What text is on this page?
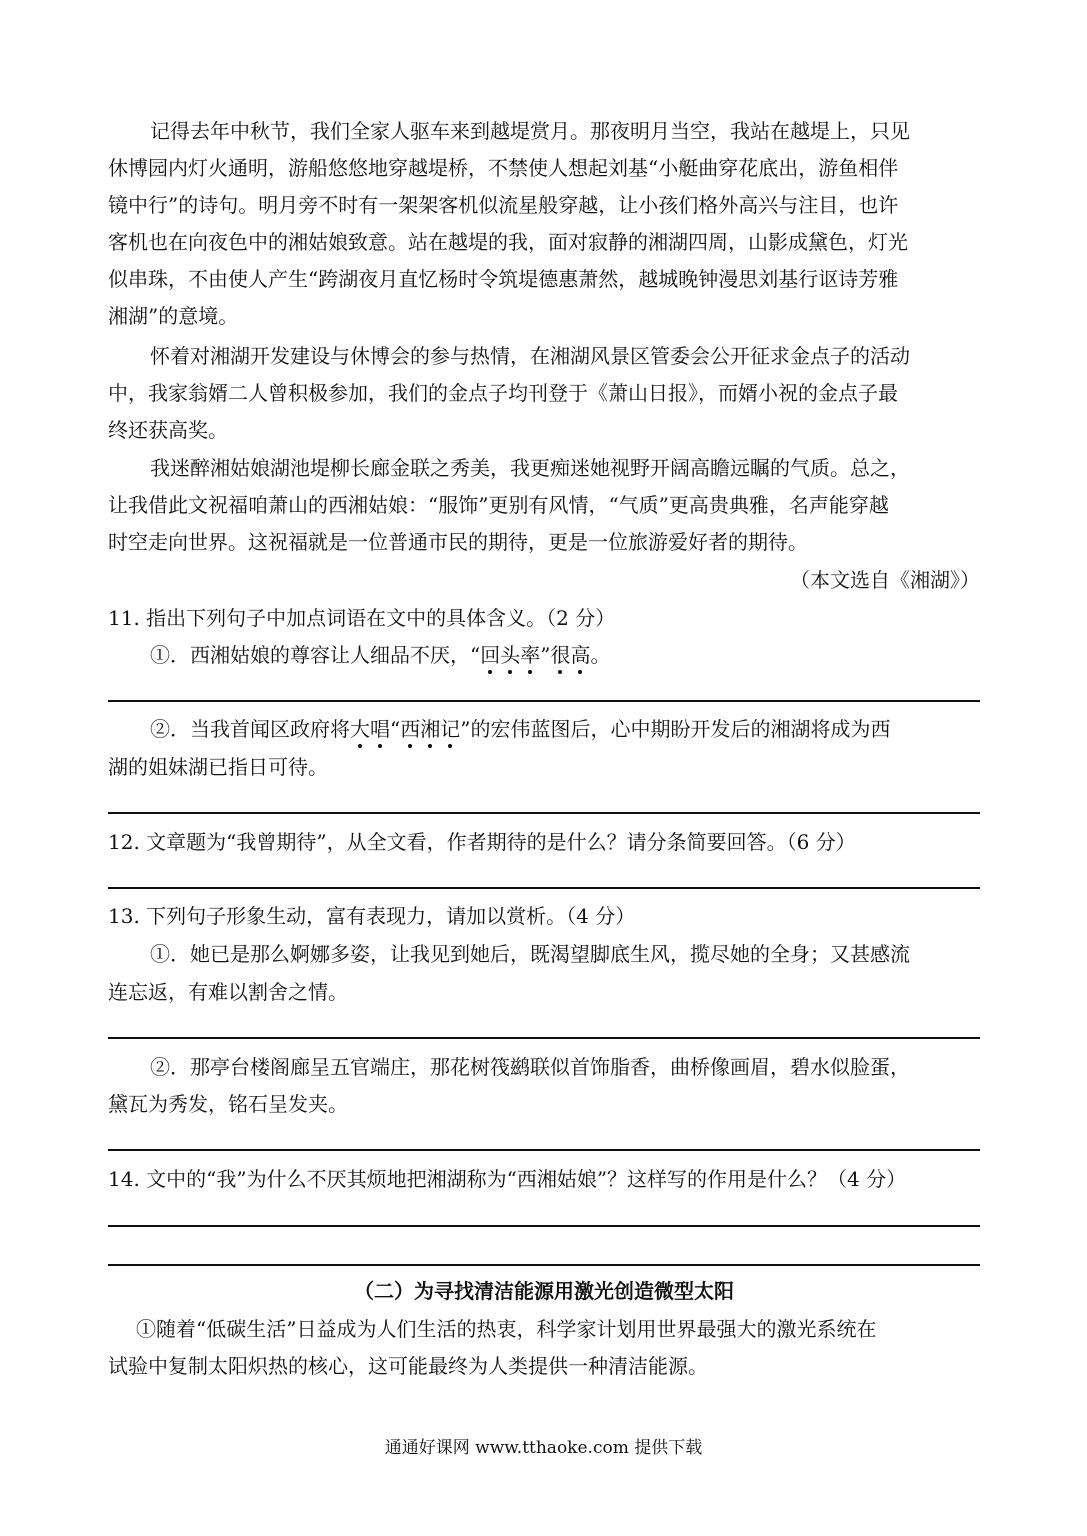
记得去年中秋节，我们全家人驱车来到越堤赏月。那夜明月当空，我站在越堤上，只见
休博园内灯火通明，游船悠悠地穿越堤桥，不禁使人想起刘基“小艇曲穿花底出，游鱼相伴
镜中行”的诗句。明月旁不时有一架架客机似流星般穿越，让小孩们格外高兴与注目，也许
客机也在向夜色中的湘姑娘致意。站在越堤的我，面对寂静的湘湖四周，山影成黛色，灯光
似串珠，不由使人产生“跨湖夜月直忆杨时令筑堤德惠萧然，越城晚钟漫思刘基行讴诗芳雅
湘湖”的意境。
怀着对湘湖开发建设与休博会的参与热情，在湘湖风景区管委会公开征求金点子的活动
中，我家翁婿二人曾积极参加，我们的金点子均刊登于《萧山日报》，而婿小祝的金点子最
终还获高奖。
我迷醉湘姑娘湖池堤柳长廊金联之秀美，我更痴迷她视野开阔高瞻远瞩的气质。总之，
让我借此文祝福咱萧山的西湘姑娘：“服饰”更别有风情，“气质”更高贵典雅，名声能穿越
时空走向世界。这祝福就是一位普通市民的期待，更是一位旅游爱好者的期待。
（本文选自《湘湖》）
11. 指出下列句子中加点词语在文中的具体含义。（2 分）
①．西湘姑娘的尊容让人细品不厌，“回头率”很高。
②．当我首闻区政府将大唱“西湘记”的宏伟蓝图后，心中期盼开发后的湘湖将成为西
湖的姐妹湖已指日可待。
12. 文章题为“我曾期待”，从全文看，作者期待的是什么？请分条简要回答。（6 分）
13. 下列句子形象生动，富有表现力，请加以赏析。（4 分）
①．她已是那么婀娜多姿，让我见到她后，既渴望脚底生风，揽尽她的全身；又甚感流
连忘返，有难以割舍之情。
②．那亭台楼阁廊呈五官端庄，那花树筏鹚联似首饰脂香，曲桥像画眉，碧水似脸蛋，
黛瓦为秀发，铭石呈发夹。
14. 文中的“我”为什么不厌其烦地把湘湖称为“西湘姑娘”？这样写的作用是什么？（4 分）
（二）为寻找清洁能源用激光创造微型太阳
①随着“低碳生活”日益成为人们生活的热衷，科学家计划用世界最强大的激光系统在
试验中复制太阳炽热的核心，这可能最终为人类提供一种清洁能源。
通通好课网 www.tthaoke.com 提供下载
